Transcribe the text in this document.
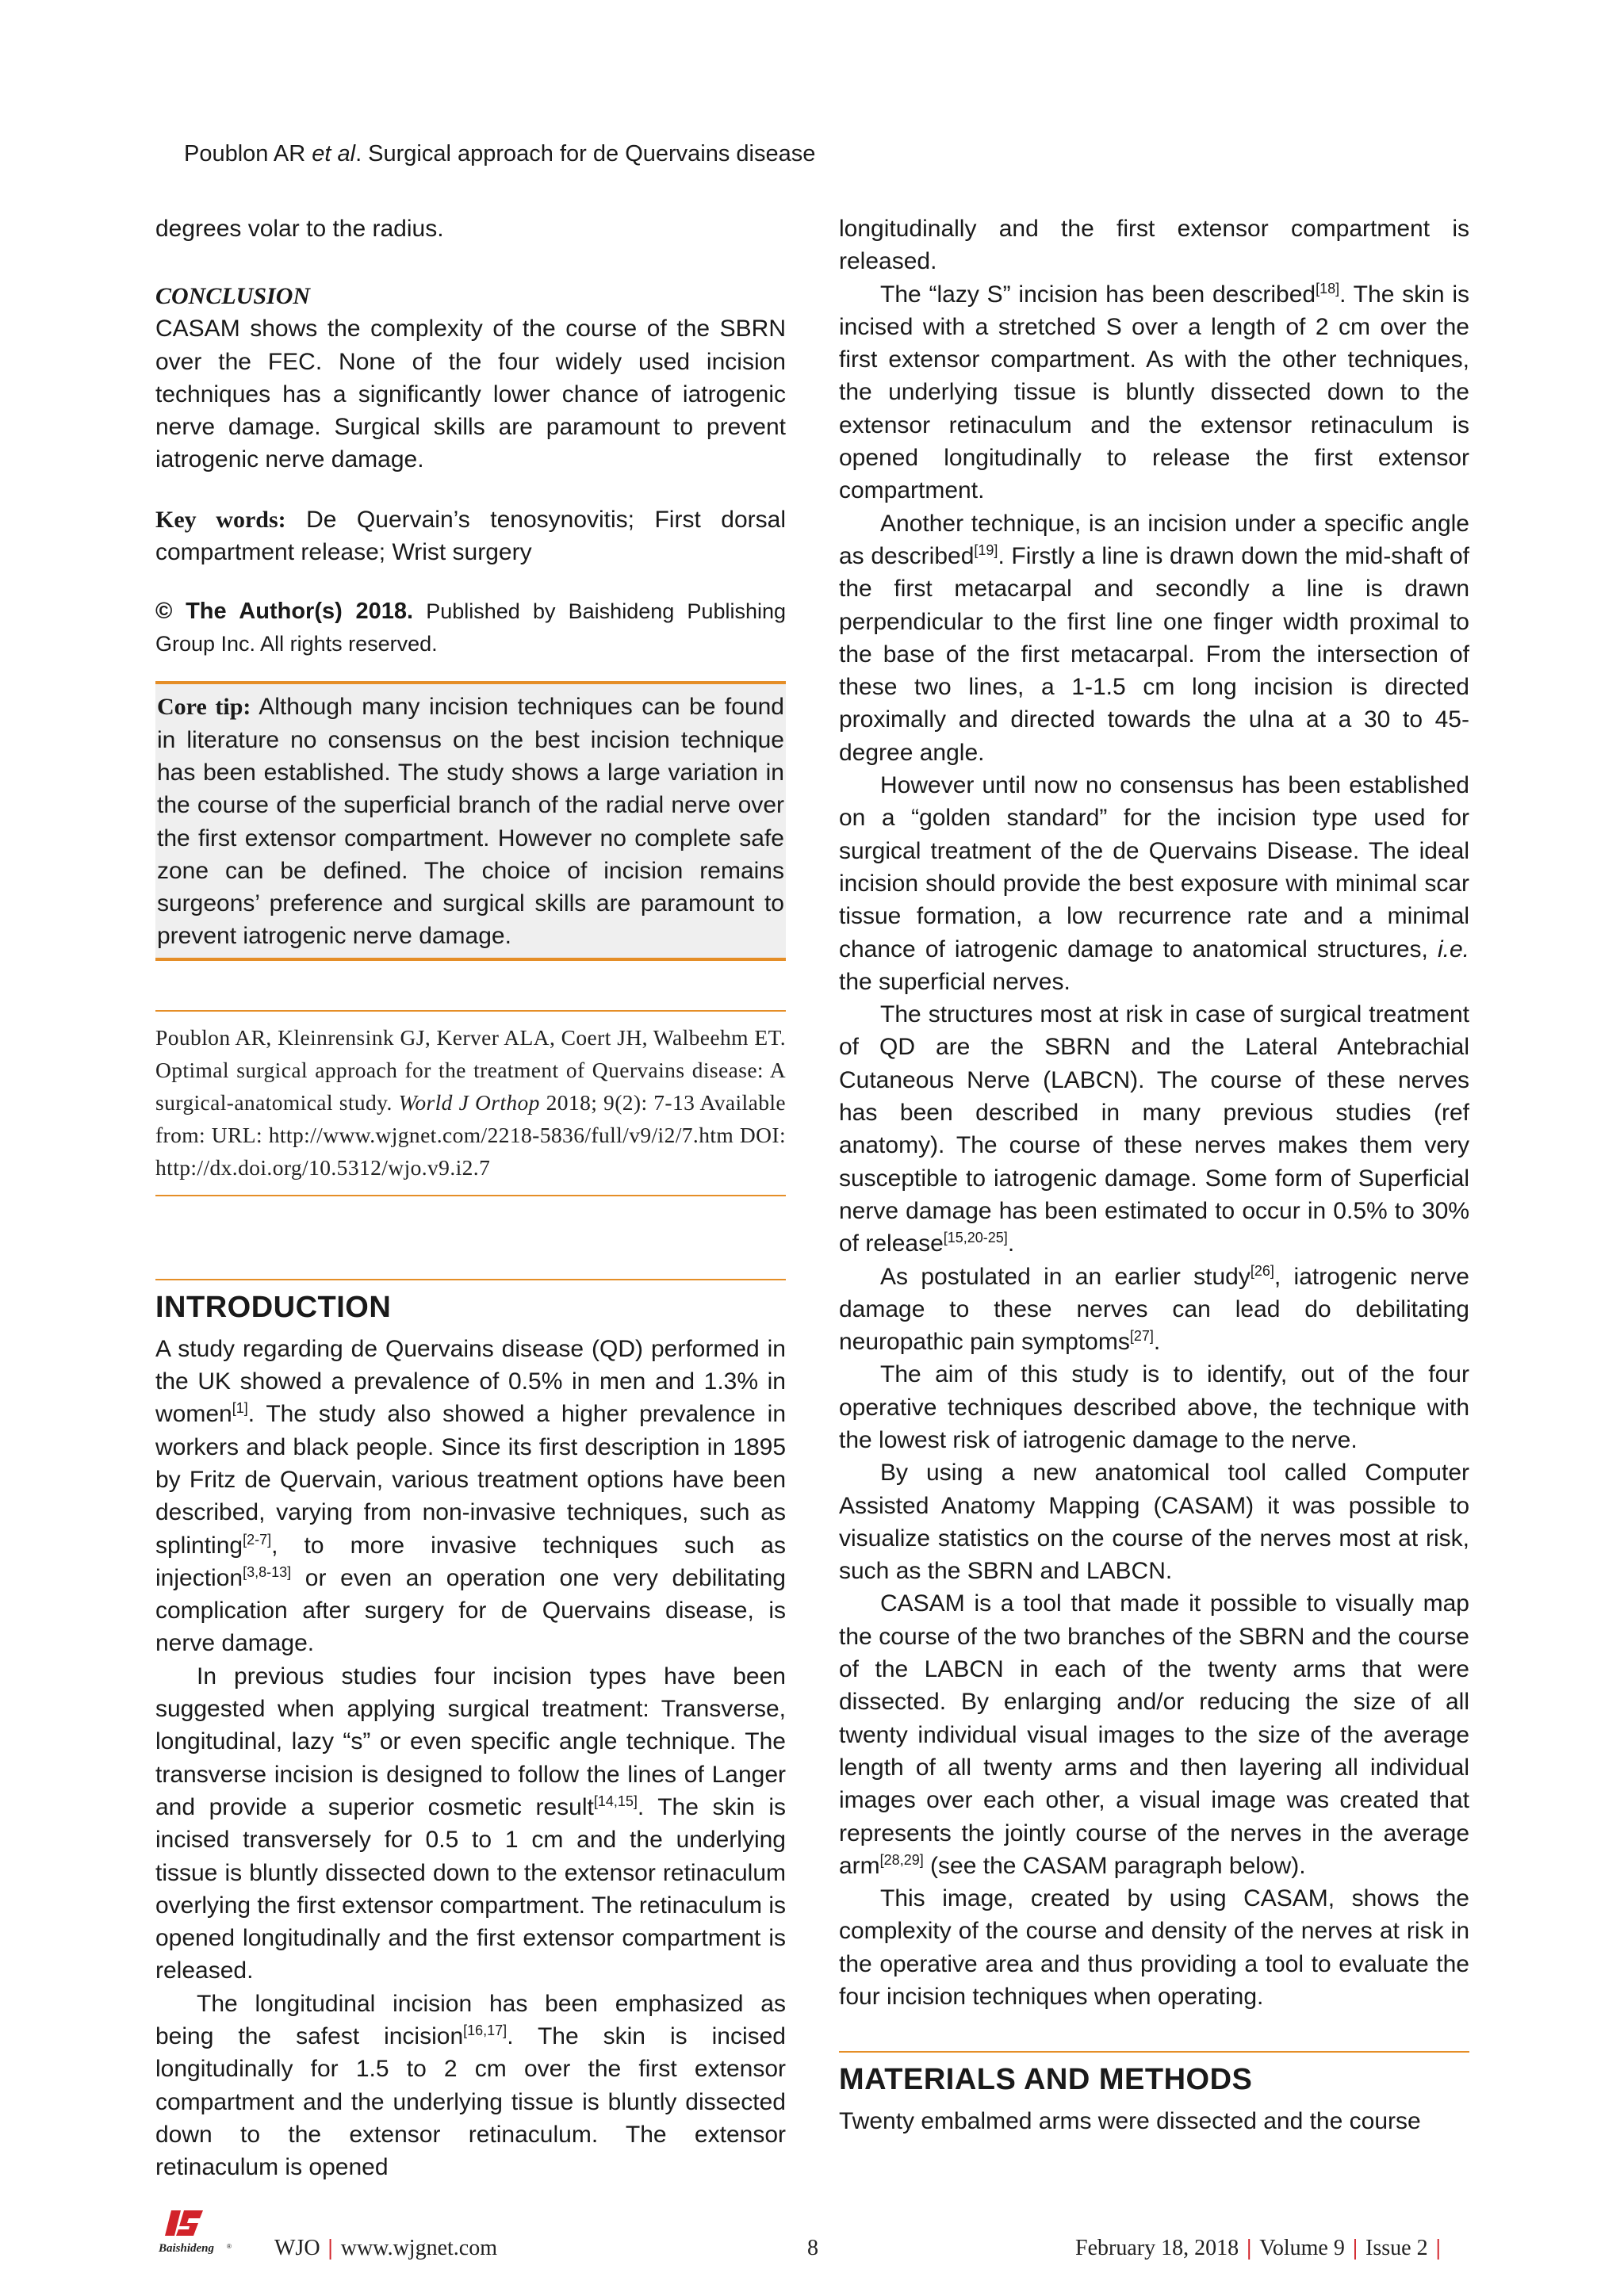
Poublon AR et al. Surgical approach for de Quervains disease

degrees volar to the radius.

CONCLUSION

CASAM shows the complexity of the course of the SBRN over the FEC. None of the four widely used incision techniques has a significantly lower chance of iatrogenic nerve damage. Surgical skills are paramount to prevent iatrogenic nerve damage.

Key words: De Quervain’s tenosynovitis; First dorsal compartment release; Wrist surgery

© The Author(s) 2018. Published by Baishideng Publishing Group Inc. All rights reserved.

Core tip: Although many incision techniques can be found in literature no consensus on the best incision technique has been established. The study shows a large variation in the course of the superficial branch of the radial nerve over the first extensor compartment. However no complete safe zone can be defined. The choice of incision remains surgeons’ preference and surgical skills are paramount to prevent iatrogenic nerve damage.

Poublon AR, Kleinrensink GJ, Kerver ALA, Coert JH, Walbeehm ET. Optimal surgical approach for the treatment of Quervains disease: A surgical-anatomical study. World J Orthop 2018; 9(2): 7-13 Available from: URL: http://www.wjgnet.com/2218-5836/full/v9/i2/7.htm DOI: http://dx.doi.org/10.5312/wjo.v9.i2.7
INTRODUCTION

A study regarding de Quervains disease (QD) performed in the UK showed a prevalence of 0.5% in men and 1.3% in women[1]. The study also showed a higher prevalence in workers and black people. Since its first description in 1895 by Fritz de Quervain, various treatment options have been described, varying from non-invasive techniques, such as splinting[2-7], to more invasive techniques such as injection[3,8-13] or even an operation one very debilitating complication after surgery for de Quervains disease, is nerve damage.

In previous studies four incision types have been suggested when applying surgical treatment: Transverse, longitudinal, lazy “s” or even specific angle technique. The transverse incision is designed to follow the lines of Langer and provide a superior cosmetic result[14,15]. The skin is incised transversely for 0.5 to 1 cm and the underlying tissue is bluntly dissected down to the extensor retinaculum overlying the first extensor compartment. The retinaculum is opened longitudinally and the first extensor compartment is released.

The longitudinal incision has been emphasized as being the safest incision[16,17]. The skin is incised longitudinally for 1.5 to 2 cm over the first extensor compartment and the underlying tissue is bluntly dissected down to the extensor retinaculum. The extensor retinaculum is opened

longitudinally and the first extensor compartment is released.

The “lazy S” incision has been described[18]. The skin is incised with a stretched S over a length of 2 cm over the first extensor compartment. As with the other techniques, the underlying tissue is bluntly dissected down to the extensor retinaculum and the extensor retinaculum is opened longitudinally to release the first extensor compartment.

Another technique, is an incision under a specific angle as described[19]. Firstly a line is drawn down the mid-shaft of the first metacarpal and secondly a line is drawn perpendicular to the first line one finger width proximal to the base of the first metacarpal. From the intersection of these two lines, a 1-1.5 cm long incision is directed proximally and directed towards the ulna at a 30 to 45-degree angle.

However until now no consensus has been established on a “golden standard” for the incision type used for surgical treatment of the de Quervains Disease. The ideal incision should provide the best exposure with minimal scar tissue formation, a low recurrence rate and a minimal chance of iatrogenic damage to anatomical structures, i.e. the superficial nerves.

The structures most at risk in case of surgical treatment of QD are the SBRN and the Lateral Antebrachial Cutaneous Nerve (LABCN). The course of these nerves has been described in many previous studies (ref anatomy). The course of these nerves makes them very susceptible to iatrogenic damage. Some form of Superficial nerve damage has been estimated to occur in 0.5% to 30% of release[15,20-25].

As postulated in an earlier study[26], iatrogenic nerve damage to these nerves can lead do debilitating neuropathic pain symptoms[27].

The aim of this study is to identify, out of the four operative techniques described above, the technique with the lowest risk of iatrogenic damage to the nerve.

By using a new anatomical tool called Computer Assisted Anatomy Mapping (CASAM) it was possible to visualize statistics on the course of the nerves most at risk, such as the SBRN and LABCN.

CASAM is a tool that made it possible to visually map the course of the two branches of the SBRN and the course of the LABCN in each of the twenty arms that were dissected. By enlarging and/or reducing the size of all twenty individual visual images to the size of the average length of all twenty arms and then layering all individual images over each other, a visual image was created that represents the jointly course of the nerves in the average arm[28,29] (see the CASAM paragraph below).

This image, created by using CASAM, shows the complexity of the course and density of the nerves at risk in the operative area and thus providing a tool to evaluate the four incision techniques when operating.

MATERIALS AND METHODS

Twenty embalmed arms were dissected and the course

Baishideng ® WJO | www.wjgnet.com	8	February 18, 2018 | Volume 9 | Issue 2 |
